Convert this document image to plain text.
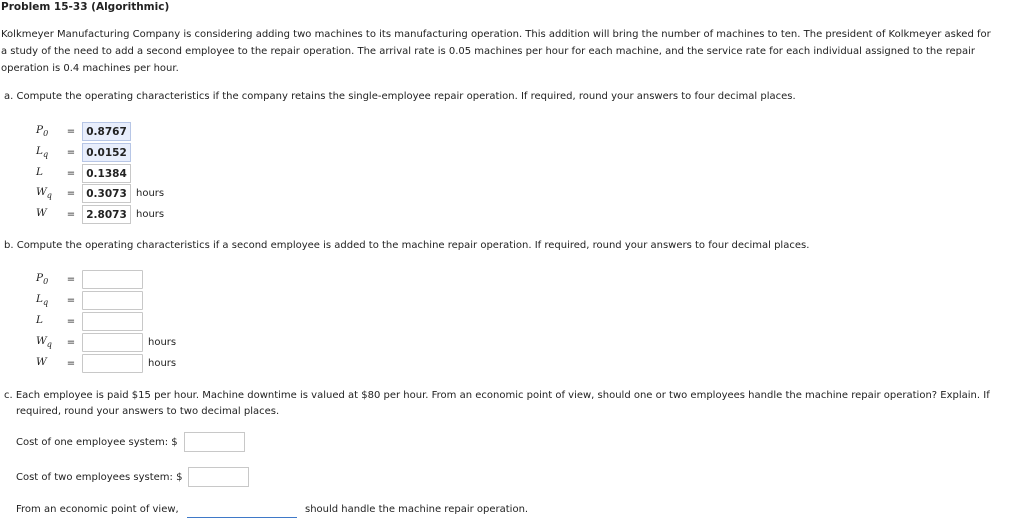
Problem 15-33 (Algorithmic)
Kolkmeyer Manufacturing Company is considering adding two machines to its manufacturing operation. This addition will bring the number of machines to ten. The president of Kolkmeyer asked for
a study of the need to add a second employee to the repair operation. The arrival rate is 0.05 machines per hour for each machine, and the service rate for each individual assigned to the repair
operation is 0.4 machines per hour.
a. Compute the operating characteristics if the company retains the single-employee repair operation. If required, round your answers to four decimal places.
$P_0$	=	0.8767
$L_q$	=	0.0152
L	=	0.1384
$W_q$	=	0.3073 hours
W	=	2.8073 hours
b. Compute the operating characteristics if a second employee is added to the machine repair operation. If required, round your answers to four decimal places.
$P_0$	=
$L_q$	=
L	=
$W_q$	=	hours
W	=	hours
c. Each employee is paid $15 per hour. Machine downtime is valued at $80 per hour. From an economic point of view, should one or two employees handle the machine repair operation? Explain. If required, round your answers to two decimal places.
Cost of one employee system: $
Cost of two employees system: $
From an economic point of view,	should handle the machine repair operation.
